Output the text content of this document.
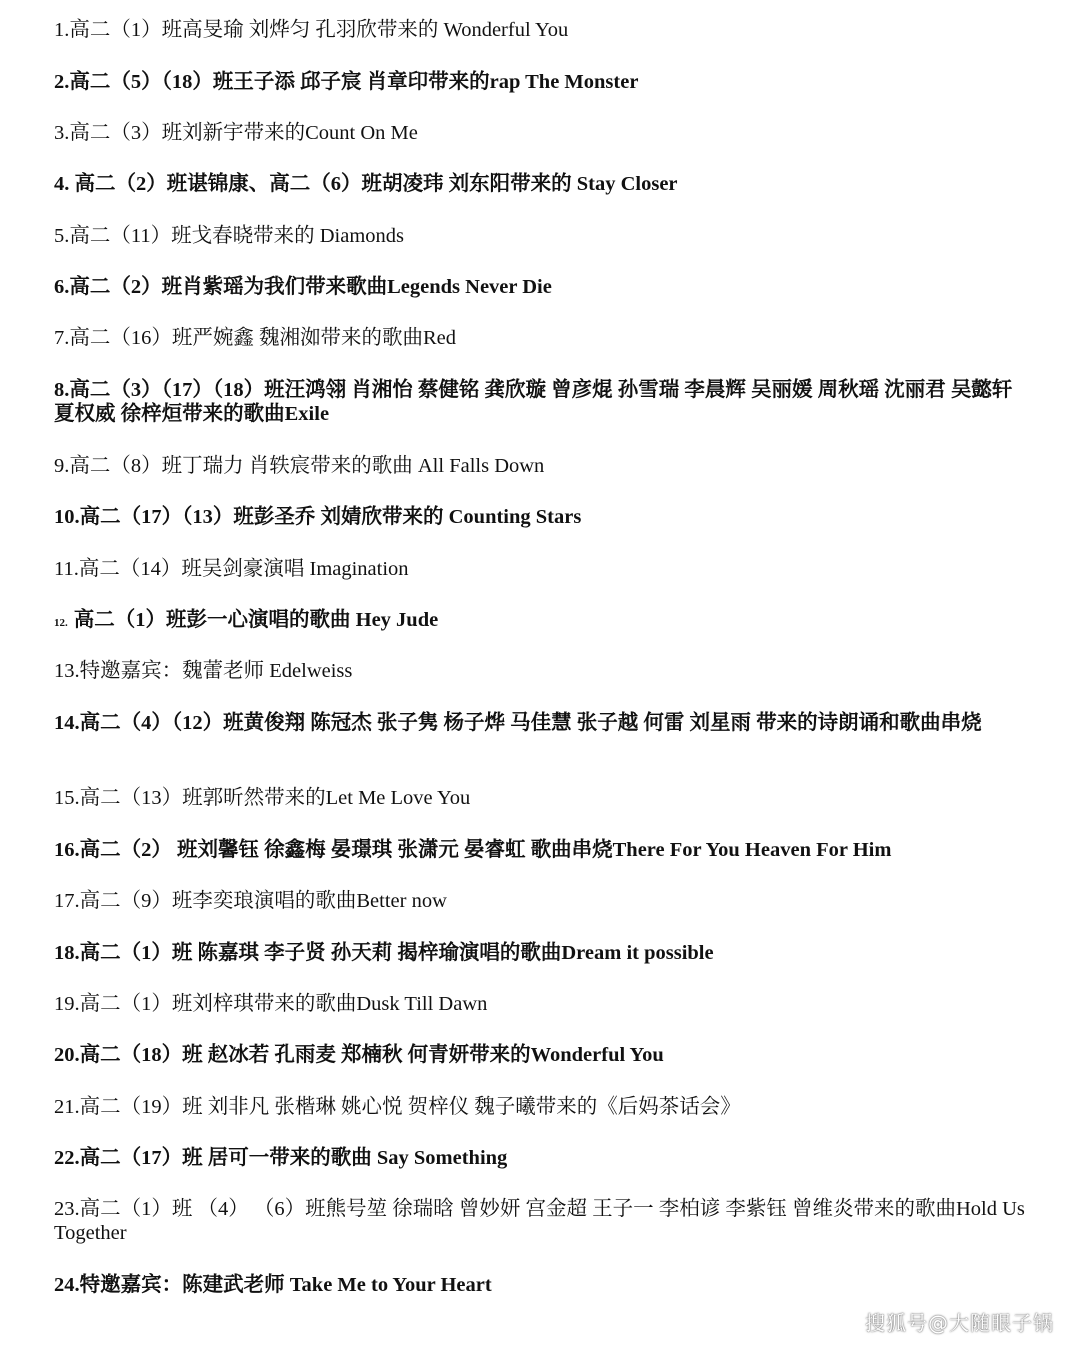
1.高二（1）班高旻瑜 刘烨匀 孔羽欣带来的 Wonderful You
2.高二（5）（18）班王子添 邱子宸 肖章印带来的rap The Monster
3.高二（3）班刘新宇带来的Count On Me
4. 高二（2）班谌锦康、高二（6）班胡凌玮 刘东阳带来的 Stay Closer
5.高二（11）班戈春晓带来的 Diamonds
6.高二（2）班肖紫瑶为我们带来歌曲Legends Never Die
7.高二（16）班严婉鑫 魏湘洳带来的歌曲Red
8.高二（3）（17）（18）班汪鸿翎 肖湘怡 蔡健铭 龚欣璇 曾彦焜 孙雪瑞 李晨辉 吴丽媛 周秋瑶 沈丽君 吴懿轩 夏权威 徐梓烜带来的歌曲Exile
9.高二（8）班丁瑞力 肖轶宸带来的歌曲 All Falls Down
10.高二（17）（13）班彭圣乔 刘婧欣带来的 Counting Stars
11.高二（14）班吴剑豪演唱 Imagination
12. 高二（1）班彭一心演唱的歌曲 Hey Jude
13.特邀嘉宾：魏蕾老师 Edelweiss
14.高二（4）（12）班黄俊翔 陈冠杰 张子隽 杨子烨 马佳慧 张子越 何雷 刘星雨 带来的诗朗诵和歌曲串烧
15.高二（13）班郭昕然带来的Let Me Love You
16.高二（2） 班刘馨钰 徐鑫梅 晏璟琪 张潇元 晏睿虹 歌曲串烧There For You Heaven For Him
17.高二（9）班李奕琅演唱的歌曲Better now
18.高二（1）班 陈嘉琪 李子贤 孙天莉 揭梓瑜演唱的歌曲Dream it possible
19.高二（1）班刘梓琪带来的歌曲Dusk Till Dawn
20.高二（18）班 赵冰若 孔雨麦 郑楠秋 何青妍带来的Wonderful You
21.高二（19）班 刘非凡 张楷琳 姚心悦 贺梓仪 魏子曦带来的《后妈茶话会》
22.高二（17）班 居可一带来的歌曲 Say Something
23.高二（1）班 （4） （6）班熊号堃 徐瑞晗 曾妙妍 宫金超 王子一 李柏谚 李紫钰 曾维炎带来的歌曲Hold Us Together
24.特邀嘉宾：陈建武老师 Take Me to Your Heart
搜狐号@大随眼子锅
